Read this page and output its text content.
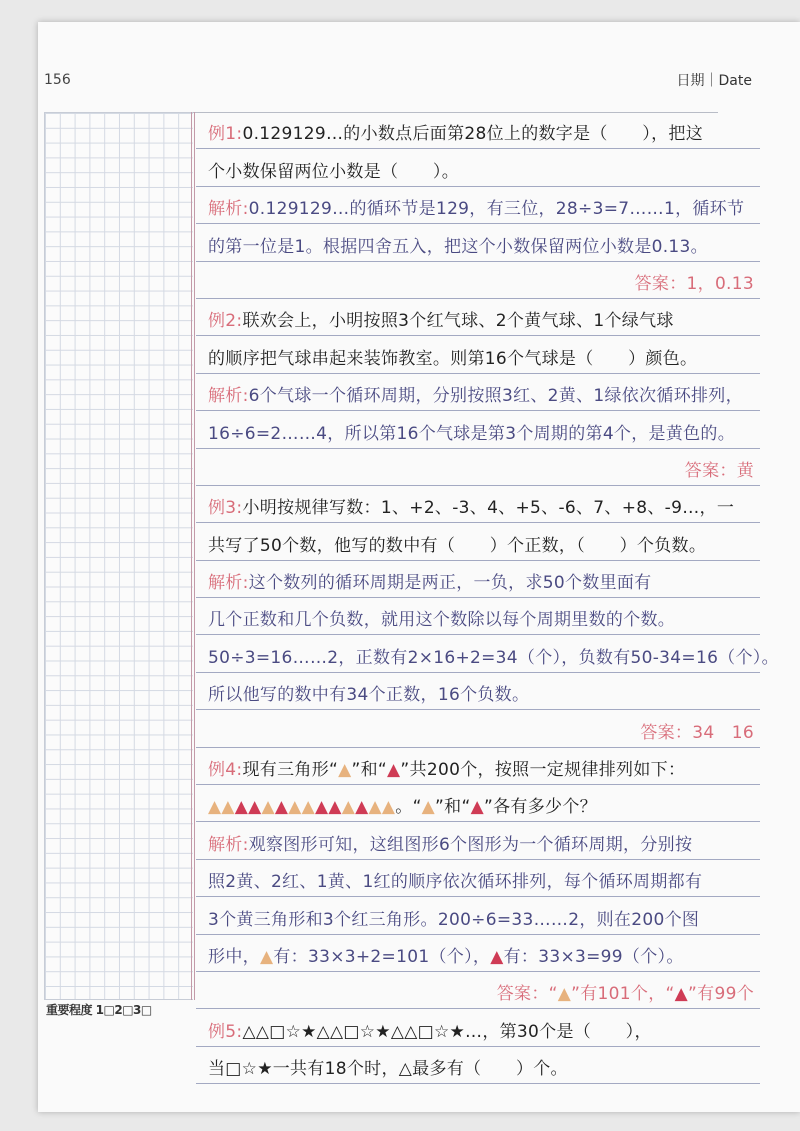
156	日期｜Date
重要程度 1□2□3□
例1:0.129129…的小数点后面第28位上的数字是（　　），把这
个小数保留两位小数是（　　）。
解析:0.129129…的循环节是129，有三位，28÷3=7……1，循环节
的第一位是1。根据四舍五入，把这个小数保留两位小数是0.13。
答案：1，0.13
例2:联欢会上，小明按照3个红气球、2个黄气球、1个绿气球
的顺序把气球串起来装饰教室。则第16个气球是（　　）颜色。
解析:6个气球一个循环周期，分别按照3红、2黄、1绿依次循环排列，
16÷6=2……4，所以第16个气球是第3个周期的第4个，是黄色的。
答案：黄
例3:小明按规律写数：1、+2、-3、4、+5、-6、7、+8、-9…，一
共写了50个数，他写的数中有（　　）个正数，（　　）个负数。
解析:这个数列的循环周期是两正，一负，求50个数里面有
几个正数和几个负数，就用这个数除以每个周期里数的个数。
50÷3=16……2，正数有2×16+2=34（个），负数有50-34=16（个）。
所以他写的数中有34个正数，16个负数。
答案：34　16
例4:现有三角形“▲”和“▲”共200个，按照一定规律排列如下：
▲▲▲▲▲▲▲▲▲▲▲▲▲▲。“▲”和“▲”各有多少个？
解析:观察图形可知，这组图形6个图形为一个循环周期，分别按
照2黄、2红、1黄、1红的顺序依次循环排列，每个循环周期都有
3个黄三角形和3个红三角形。200÷6=33……2，则在200个图
形中，▲有：33×3+2=101（个），▲有：33×3=99（个）。
答案：“▲”有101个，“▲”有99个
例5:△△□☆★△△□☆★△△□☆★…，第30个是（　　），
当□☆★一共有18个时，△最多有（　　）个。
